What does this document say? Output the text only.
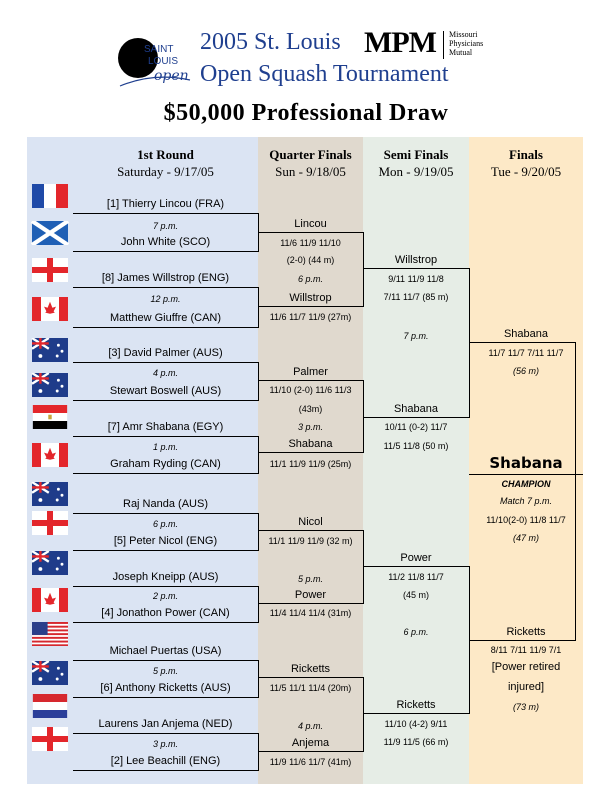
SAINT
LOUIS
open
2005 St. Louis
Open Squash Tournament
MPM Missouri
Physicians
Mutual
$50,000 Professional Draw
1st Round
Saturday - 9/17/05
Quarter Finals
Sun - 9/18/05
Semi Finals
Mon - 9/19/05
Finals
Tue - 9/20/05
[1] Thierry Lincou (FRA)
7 p.m.
John White (SCO)
[8] James Willstrop (ENG)
12 p.m.
Matthew Giuffre (CAN)
[3] David Palmer (AUS)
4 p.m.
Stewart Boswell (AUS)
[7] Amr Shabana (EGY)
1 p.m.
Graham Ryding (CAN)
Raj Nanda (AUS)
6 p.m.
[5] Peter Nicol (ENG)
Joseph Kneipp (AUS)
2 p.m.
[4] Jonathon Power (CAN)
Michael Puertas (USA)
5 p.m.
[6] Anthony Ricketts (AUS)
Laurens Jan Anjema (NED)
3 p.m.
[2] Lee Beachill (ENG)
Lincou
11/6 11/9 11/10
(2-0) (44 m)
6 p.m.
Willstrop
11/6 11/7 11/9 (27m)
Palmer
11/10 (2-0) 11/6 11/3
(43m)
3 p.m.
Shabana
11/1 11/9 11/9 (25m)
Nicol
11/1 11/9 11/9 (32 m)
5 p.m.
Power
11/4 11/4 11/4 (31m)
Ricketts
11/5 11/1 11/4 (20m)
4 p.m.
Anjema
11/9 11/6 11/7 (41m)
Willstrop
9/11 11/9 11/8
7/11 11/7 (85 m)
7 p.m.
Shabana
10/11 (0-2) 11/7
11/5 11/8 (50 m)
Power
11/2 11/8 11/7
(45 m)
6 p.m.
Ricketts
11/10 (4-2) 9/11
11/9 11/5 (66 m)
Shabana
11/7 11/7 7/11 11/7
(56 m)
Shabana
CHAMPION
Match 7 p.m.
11/10(2-0) 11/8 11/7
(47 m)
Ricketts
8/11 7/11 11/9 7/1
[Power retired
injured]
(73 m)
